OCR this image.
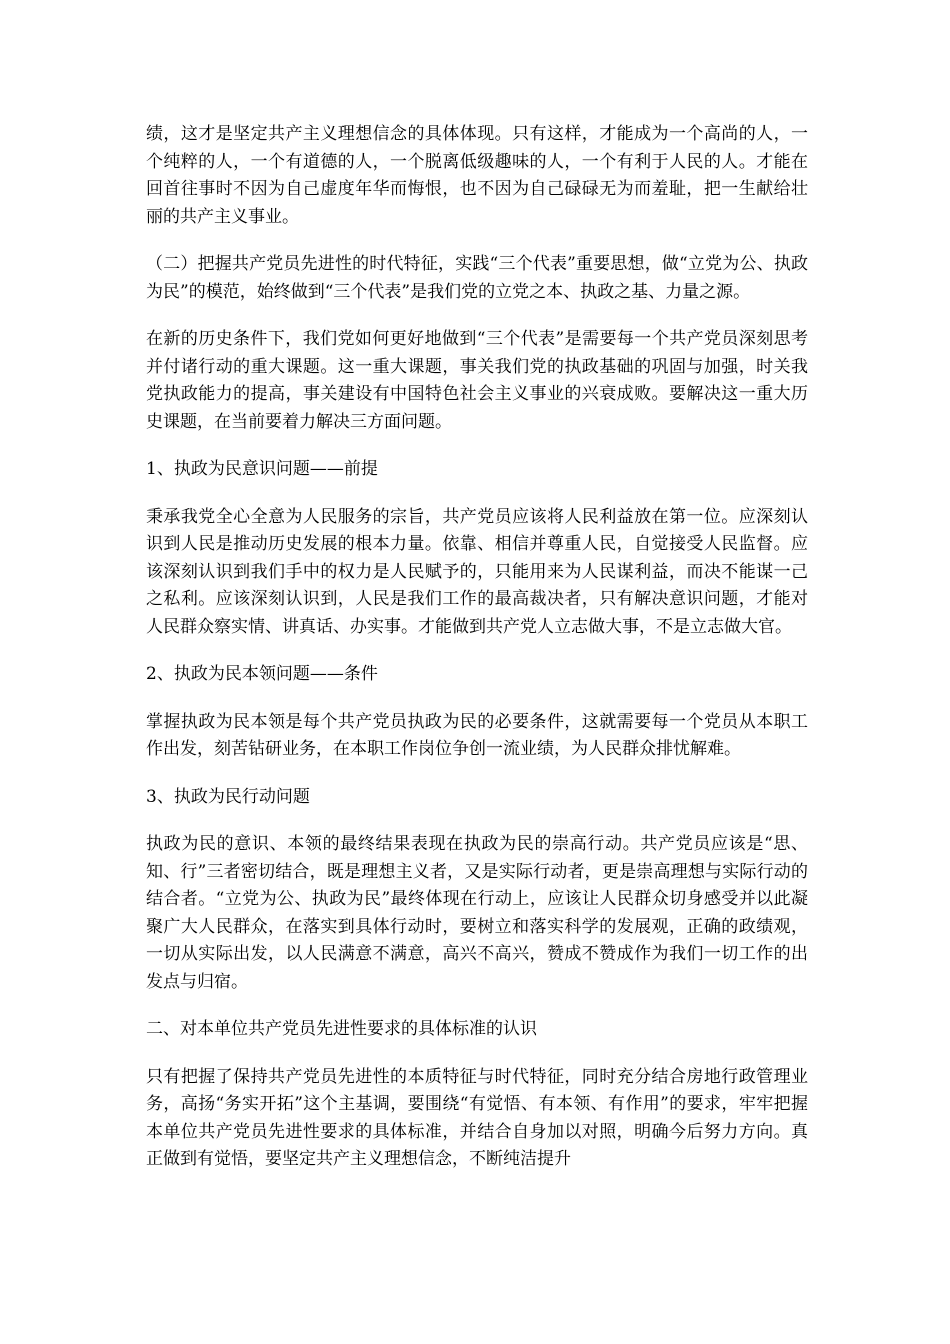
绩，这才是坚定共产主义理想信念的具体体现。只有这样，才能成为一个高尚的人，一个纯粹的人，一个有道德的人，一个脱离低级趣味的人，一个有利于人民的人。才能在回首往事时不因为自己虚度年华而悔恨，也不因为自己碌碌无为而羞耻，把一生献给壮丽的共产主义事业。

（二）把握共产党员先进性的时代特征，实践“三个代表”重要思想，做“立党为公、执政为民”的模范，始终做到“三个代表”是我们党的立党之本、执政之基、力量之源。

在新的历史条件下，我们党如何更好地做到“三个代表”是需要每一个共产党员深刻思考并付诸行动的重大课题。这一重大课题，事关我们党的执政基础的巩固与加强，时关我党执政能力的提高，事关建设有中国特色社会主义事业的兴衰成败。要解决这一重大历史课题，在当前要着力解决三方面问题。

1、执政为民意识问题——前提

秉承我党全心全意为人民服务的宗旨，共产党员应该将人民利益放在第一位。应深刻认识到人民是推动历史发展的根本力量。依靠、相信并尊重人民，自觉接受人民监督。应该深刻认识到我们手中的权力是人民赋予的，只能用来为人民谋利益，而决不能谋一己之私利。应该深刻认识到，人民是我们工作的最高裁决者，只有解决意识问题，才能对人民群众察实情、讲真话、办实事。才能做到共产党人立志做大事，不是立志做大官。

2、执政为民本领问题——条件

掌握执政为民本领是每个共产党员执政为民的必要条件，这就需要每一个党员从本职工作出发，刻苦钻研业务，在本职工作岗位争创一流业绩，为人民群众排忧解难。

3、执政为民行动问题

执政为民的意识、本领的最终结果表现在执政为民的崇高行动。共产党员应该是“思、知、行”三者密切结合，既是理想主义者，又是实际行动者，更是崇高理想与实际行动的结合者。“立党为公、执政为民”最终体现在行动上，应该让人民群众切身感受并以此凝聚广大人民群众，在落实到具体行动时，要树立和落实科学的发展观，正确的政绩观，一切从实际出发，以人民满意不满意，高兴不高兴，赞成不赞成作为我们一切工作的出发点与归宿。

二、对本单位共产党员先进性要求的具体标准的认识

只有把握了保持共产党员先进性的本质特征与时代特征，同时充分结合房地行政管理业务，高扬“务实开拓”这个主基调，要围绕“有觉悟、有本领、有作用”的要求，牢牢把握本单位共产党员先进性要求的具体标准，并结合自身加以对照，明确今后努力方向。真正做到有觉悟，要坚定共产主义理想信念，不断纯洁提升
